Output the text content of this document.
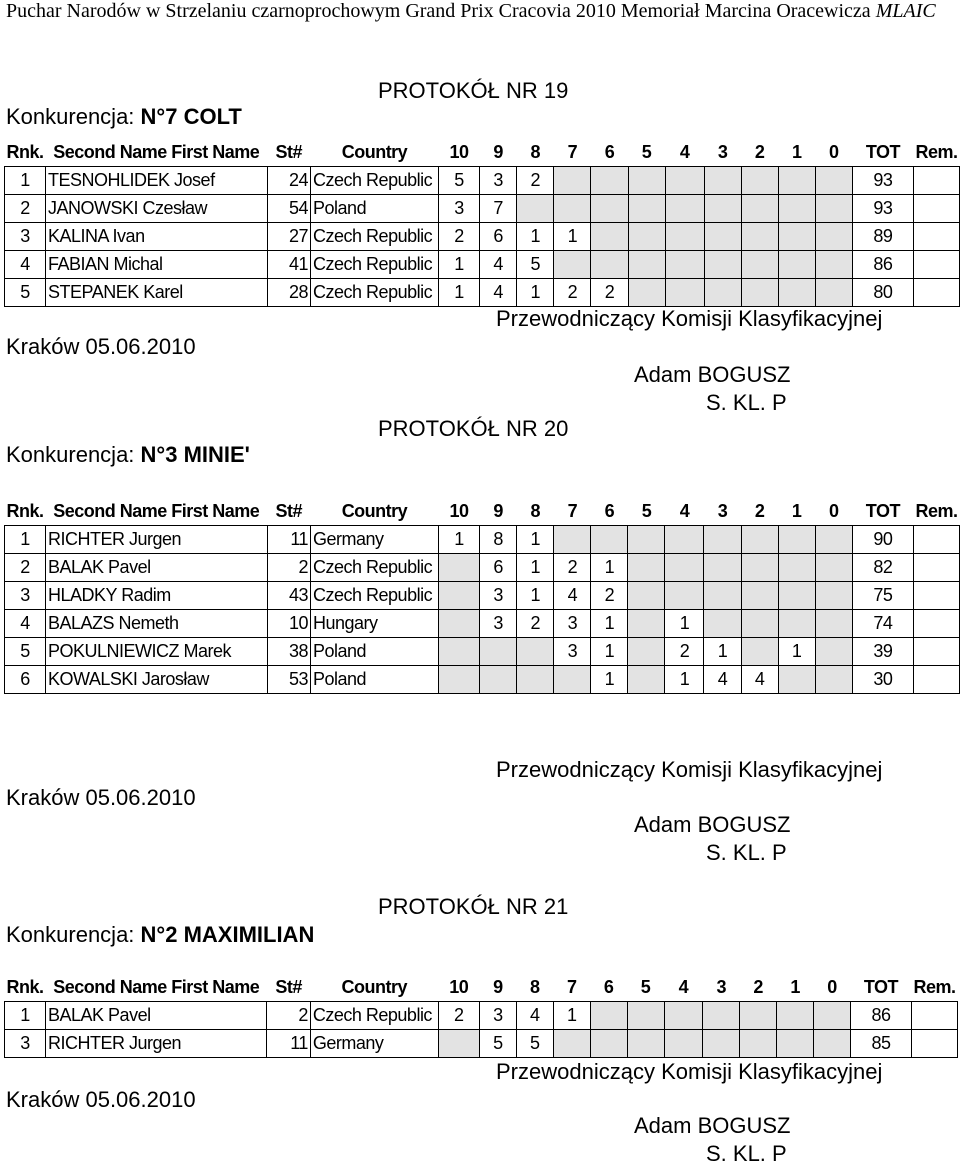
Puchar Narodów w Strzelaniu czarnoprochowym Grand Prix Cracovia 2010 Memoriał Marcina Oracewicza MLAIC
PROTOKÓŁ NR 19
Konkurencja: N°7 COLT
Rnk.	Second Name First Name	St#	Country	10	9	8	7	6	5	4	3	2	1	0	TOT	Rem.
1	TESNOHLIDEK Josef	24	Czech Republic	5	3	2									93	
2	JANOWSKI Czesław	54	Poland	3	7										93	
3	KALINA Ivan	27	Czech Republic	2	6	1	1								89	
4	FABIAN Michal	41	Czech Republic	1	4	5									86	
5	STEPANEK Karel	28	Czech Republic	1	4	1	2	2							80	
Przewodniczący Komisji Klasyfikacyjnej
Kraków 05.06.2010
Adam BOGUSZ
S. KL. P
PROTOKÓŁ NR 20
Konkurencja: N°3 MINIE'
Rnk.	Second Name First Name	St#	Country	10	9	8	7	6	5	4	3	2	1	0	TOT	Rem.
1	RICHTER Jurgen	11	Germany	1	8	1									90	
2	BALAK Pavel	2	Czech Republic		6	1	2	1							82	
3	HLADKY Radim	43	Czech Republic		3	1	4	2							75	
4	BALAZS Nemeth	10	Hungary		3	2	3	1		1					74	
5	POKULNIEWICZ Marek	38	Poland				3	1		2	1		1		39	
6	KOWALSKI Jarosław	53	Poland					1		1	4	4			30	
Przewodniczący Komisji Klasyfikacyjnej
Kraków 05.06.2010
Adam BOGUSZ
S. KL. P
PROTOKÓŁ NR 21
Konkurencja: N°2 MAXIMILIAN
Rnk.	Second Name First Name	St#	Country	10	9	8	7	6	5	4	3	2	1	0	TOT	Rem.
1	BALAK Pavel	2	Czech Republic	2	3	4	1								86	
3	RICHTER Jurgen	11	Germany		5	5									85	
Przewodniczący Komisji Klasyfikacyjnej
Kraków 05.06.2010
Adam BOGUSZ
S. KL. P
